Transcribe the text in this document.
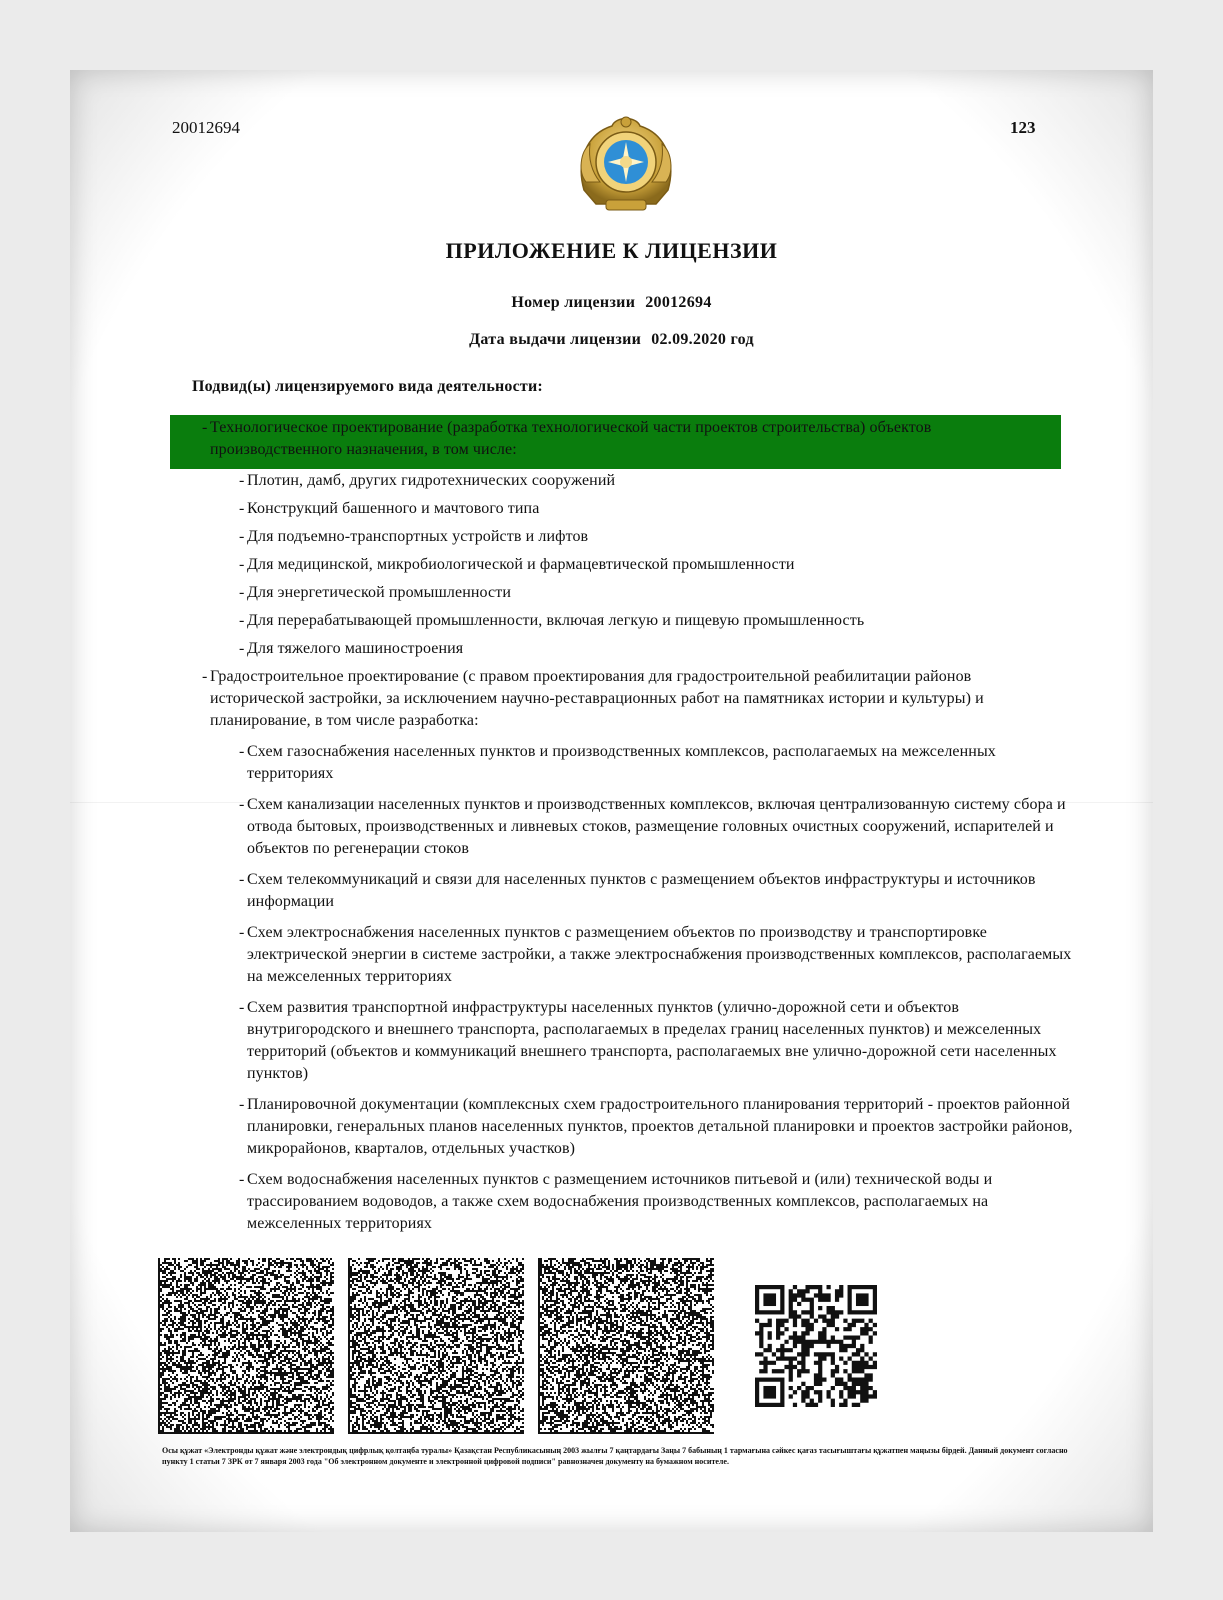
20012694	123
ПРИЛОЖЕНИЕ К ЛИЦЕНЗИИ
Номер лицензии 20012694
Дата выдачи лицензии 02.09.2020 год
Подвид(ы) лицензируемого вида деятельности:
- Технологическое проектирование (разработка технологической части проектов строительства) объектов производственного назначения, в том числе:
- Плотин, дамб, других гидротехнических сооружений
- Конструкций башенного и мачтового типа
- Для подъемно-транспортных устройств и лифтов
- Для медицинской, микробиологической и фармацевтической промышленности
- Для энергетической промышленности
- Для перерабатывающей промышленности, включая легкую и пищевую промышленность
- Для тяжелого машиностроения
- Градостроительное проектирование (с правом проектирования для градостроительной реабилитации районов исторической застройки, за исключением научно-реставрационных работ на памятниках истории и культуры) и планирование, в том числе разработка:
- Схем газоснабжения населенных пунктов и производственных комплексов, располагаемых на межселенных территориях
- Схем канализации населенных пунктов и производственных комплексов, включая централизованную систему сбора и отвода бытовых, производственных и ливневых стоков, размещение головных очистных сооружений, испарителей и объектов по регенерации стоков
- Схем телекоммуникаций и связи для населенных пунктов с размещением объектов инфраструктуры и источников информации
- Схем электроснабжения населенных пунктов с размещением объектов по производству и транспортировке электрической энергии в системе застройки, а также электроснабжения производственных комплексов, располагаемых на межселенных территориях
- Схем развития транспортной инфраструктуры населенных пунктов (улично-дорожной сети и объектов внутригородского и внешнего транспорта, располагаемых в пределах границ населенных пунктов) и межселенных территорий (объектов и коммуникаций внешнего транспорта, располагаемых вне улично-дорожной сети населенных пунктов)
- Планировочной документации (комплексных схем градостроительного планирования территорий - проектов районной планировки, генеральных планов населенных пунктов, проектов детальной планировки и проектов застройки районов, микрорайонов, кварталов, отдельных участков)
- Схем водоснабжения населенных пунктов с размещением источников питьевой и (или) технической воды и трассированием водоводов, а также схем водоснабжения производственных комплексов, располагаемых на межселенных территориях
Осы құжат «Электронды құжат және электрондық цифрлық қолтаңба туралы» Қазақстан Республикасының 2003 жылғы 7 қаңтардағы Заңы 7 бабының 1 тармағына сәйкес қағаз тасығыштағы құжатпен маңызы бірдей. Данный документ согласно пункту 1 статьи 7 ЗРК от 7 января 2003 года "Об электронном документе и электронной цифровой подписи" равнозначен документу на бумажном носителе.
